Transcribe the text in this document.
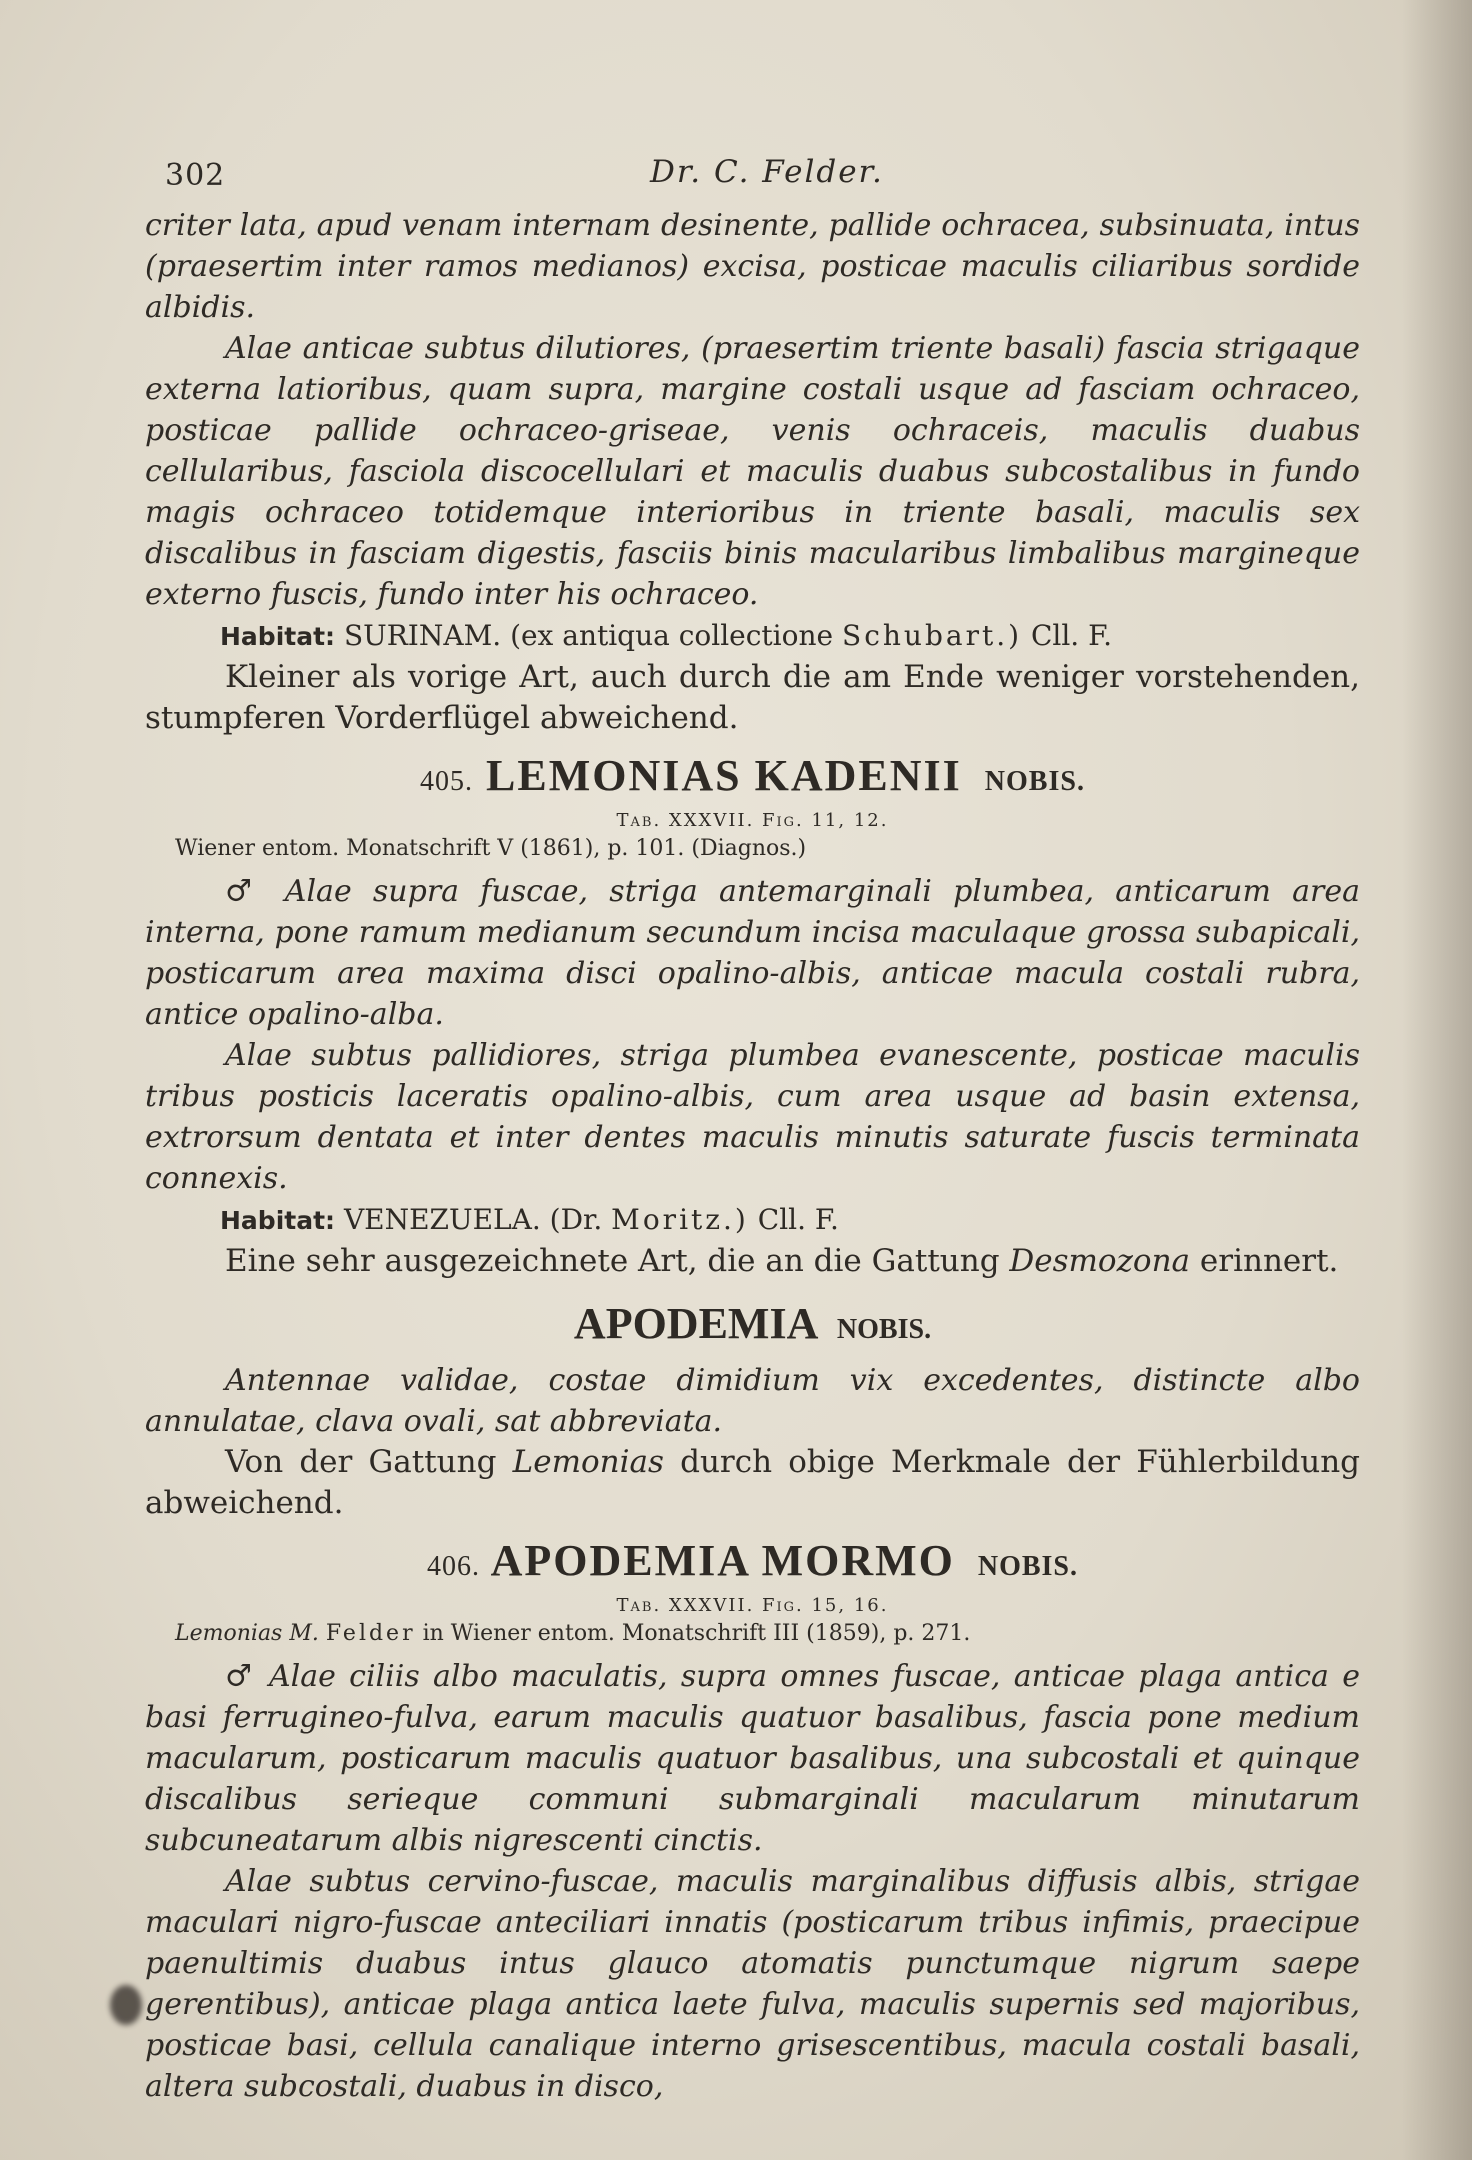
302	Dr. C. Felder.

criter lata, apud venam internam desinente, pallide ochracea, subsinuata, intus (praesertim inter ramos medianos) excisa, posticae maculis ciliaribus sordide albidis.

Alae anticae subtus dilutiores, (praesertim triente basali) fascia strigaque externa latioribus, quam supra, margine costali usque ad fasciam ochraceo, posticae pallide ochraceo-griseae, venis ochraceis, maculis duabus cellularibus, fasciola discocellulari et maculis duabus subcostalibus in fundo magis ochraceo totidemque interioribus in triente basali, maculis sex discalibus in fasciam digestis, fasciis binis macularibus limbalibus margineque externo fuscis, fundo inter his ochraceo.

Habitat: SURINAM. (ex antiqua collectione Schubart.) Cll. F.

Kleiner als vorige Art, auch durch die am Ende weniger vorstehenden, stumpferen Vorderflügel abweichend.

405. LEMONIAS KADENII NOBIS.
Tab. XXXVII. Fig. 11, 12.
Wiener entom. Monatschrift V (1861), p. 101. (Diagnos.)

♂ Alae supra fuscae, striga antemarginali plumbea, anticarum area interna, pone ramum medianum secundum incisa maculaque grossa subapicali, posticarum area maxima disci opalino-albis, anticae macula costali rubra, antice opalino-alba.

Alae subtus pallidiores, striga plumbea evanescente, posticae maculis tribus posticis laceratis opalino-albis, cum area usque ad basin extensa, extrorsum dentata et inter dentes maculis minutis saturate fuscis terminata connexis.

Habitat: VENEZUELA. (Dr. Moritz.) Cll. F.

Eine sehr ausgezeichnete Art, die an die Gattung Desmozona erinnert.

APODEMIA NOBIS.

Antennae validae, costae dimidium vix excedentes, distincte albo annulatae, clava ovali, sat abbreviata.

Von der Gattung Lemonias durch obige Merkmale der Fühlerbildung abweichend.

406. APODEMIA MORMO NOBIS.
Tab. XXXVII. Fig. 15, 16.
Lemonias M. Felder in Wiener entom. Monatschrift III (1859), p. 271.

♂ Alae ciliis albo maculatis, supra omnes fuscae, anticae plaga antica e basi ferrugineo-fulva, earum maculis quatuor basalibus, fascia pone medium macularum, posticarum maculis quatuor basalibus, una subcostali et quinque discalibus serieque communi submarginali macularum minutarum subcuneatarum albis nigrescenti cinctis.

Alae subtus cervino-fuscae, maculis marginalibus diffusis albis, strigae maculari nigro-fuscae anteciliari innatis (posticarum tribus infimis, praecipue paenultimis duabus intus glauco atomatis punctumque nigrum saepe gerentibus), anticae plaga antica laete fulva, maculis supernis sed majoribus, posticae basi, cellula canalique interno grisescentibus, macula costali basali, altera subcostali, duabus in disco,
